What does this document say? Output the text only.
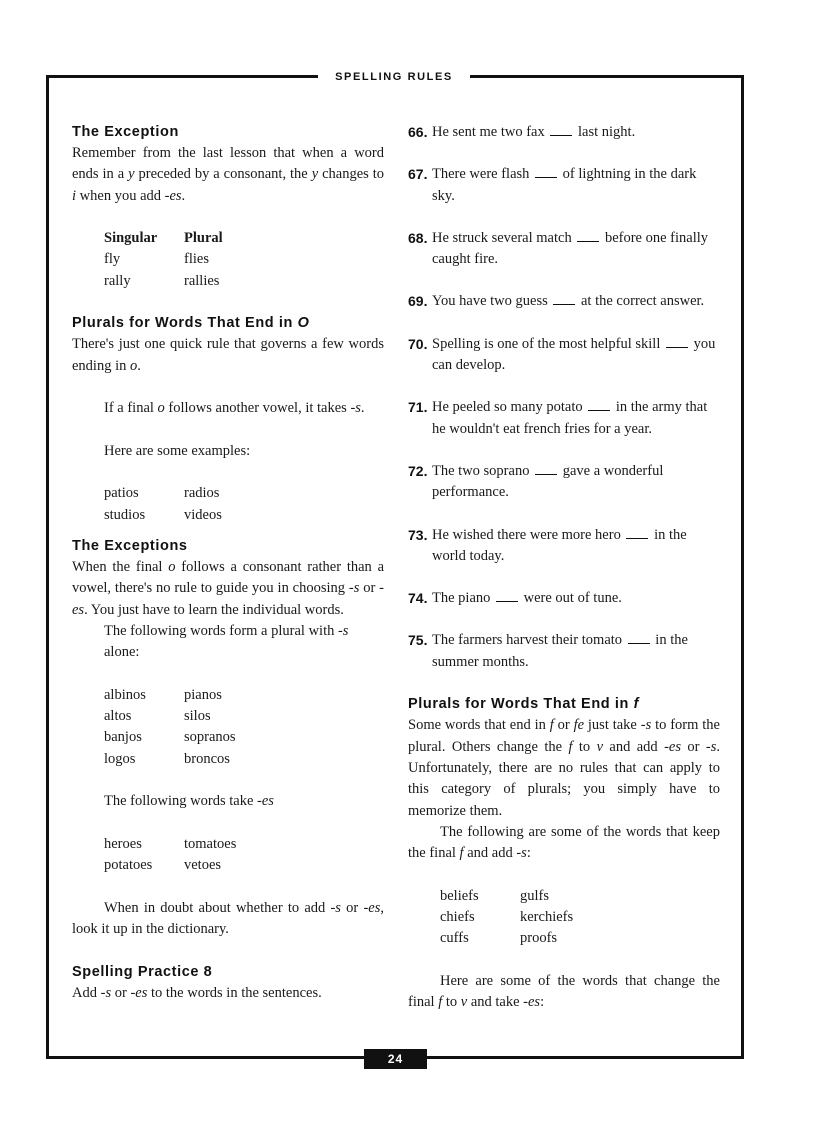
SPELLING RULES
24
The Exception

Remember from the last lesson that when a word ends in a y preceded by a consonant, the y changes to i when you add -es.

Singular	Plural
fly	flies
rally	rallies
Plurals for Words That End in O

There's just one quick rule that governs a few words ending in o.

If a final o follows another vowel, it takes -s.

Here are some examples:

patios	radios
studios	videos
The Exceptions

When the final o follows a consonant rather than a vowel, there's no rule to guide you in choosing -s or -es. You just have to learn the individual words.

The following words form a plural with -s alone:

albinos	pianos
altos	silos
banjos	sopranos
logos	broncos

The following words take -es

heroes	tomatoes
potatoes	vetoes

When in doubt about whether to add -s or -es, look it up in the dictionary.

Spelling Practice 8

Add -s or -es to the words in the sentences.

66. He sent me two fax last night.
67. There were flash of lightning in the dark sky.
68. He struck several match before one finally caught fire.
69. You have two guess at the correct answer.
70. Spelling is one of the most helpful skill you can develop.
71. He peeled so many potato in the army that he wouldn't eat french fries for a year.
72. The two soprano gave a wonderful performance.
73. He wished there were more hero in the world today.
74. The piano were out of tune.
75. The farmers harvest their tomato in the summer months.
Plurals for Words That End in f

Some words that end in f or fe just take -s to form the plural. Others change the f to v and add -es or -s. Unfortunately, there are no rules that can apply to this category of plurals; you simply have to memorize them.

The following are some of the words that keep the final f and add -s:

beliefs	gulfs
chiefs	kerchiefs
cuffs	proofs

Here are some of the words that change the final f to v and take -es:
